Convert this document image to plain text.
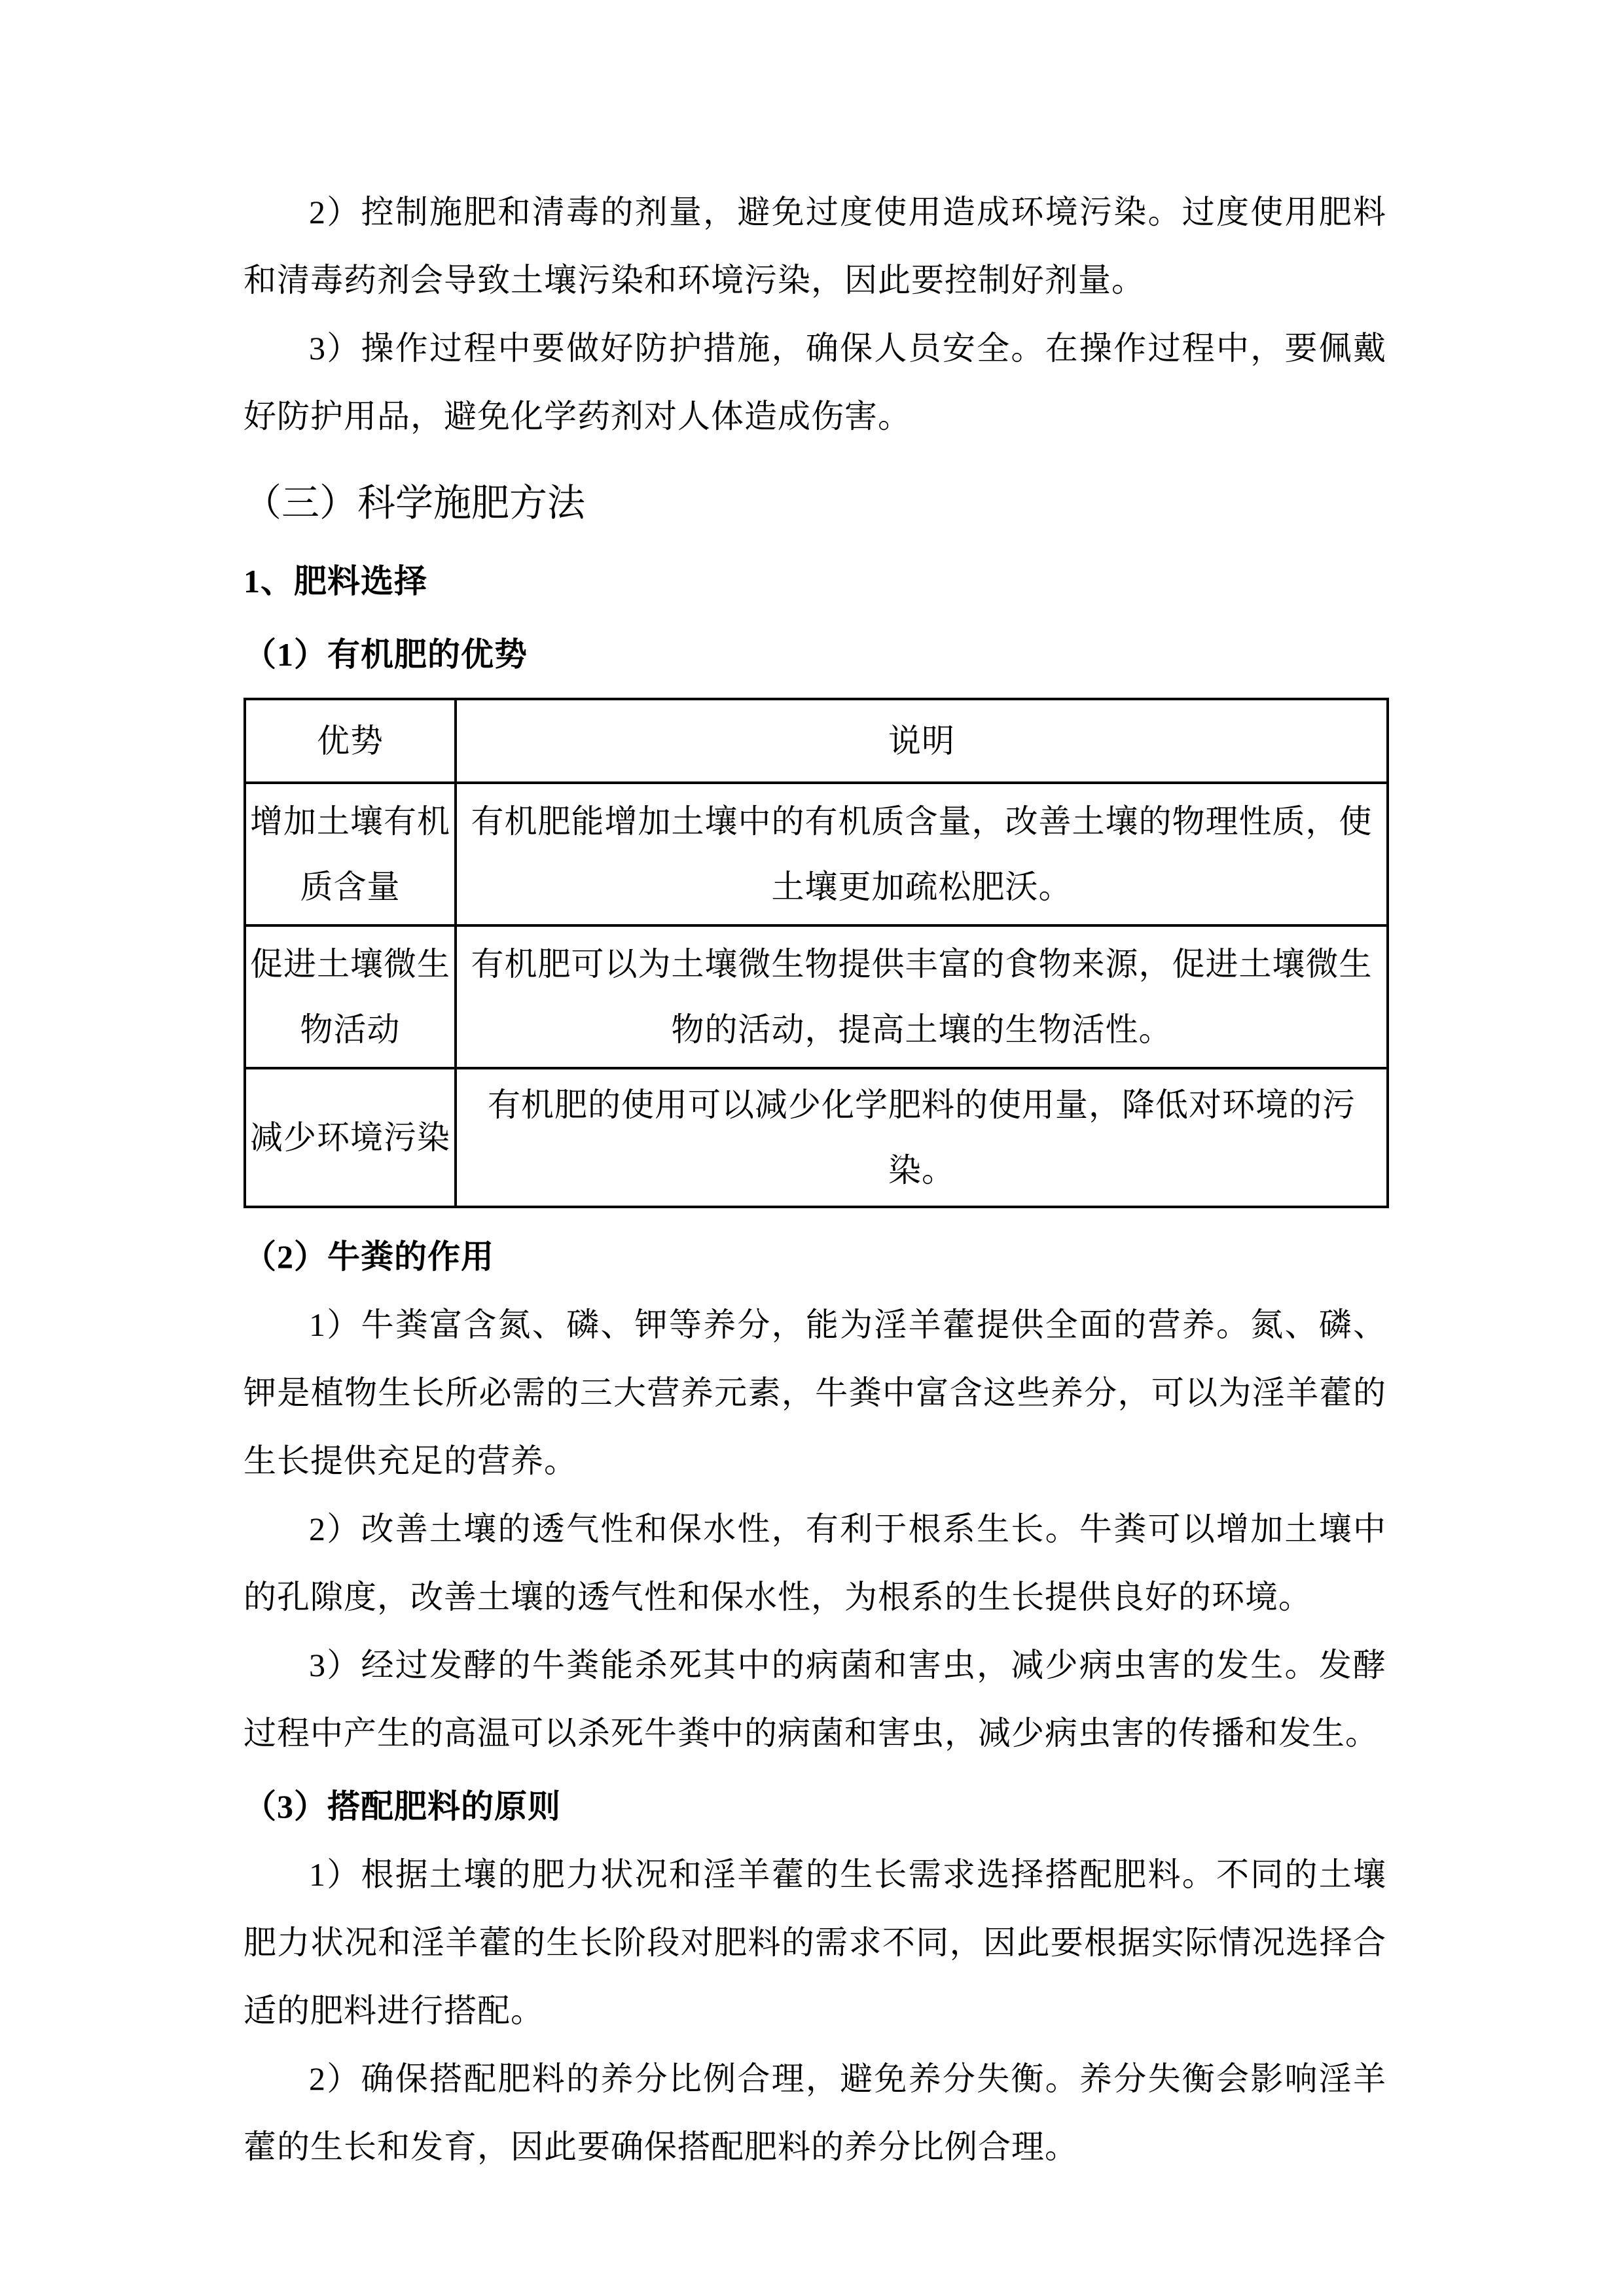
2）控制施肥和清毒的剂量，避免过度使用造成环境污染。过度使用肥料和清毒药剂会导致土壤污染和环境污染，因此要控制好剂量。

3）操作过程中要做好防护措施，确保人员安全。在操作过程中，要佩戴好防护用品，避免化学药剂对人体造成伤害。

（三）科学施肥方法
1、肥料选择
（1）有机肥的优势
优势	说明
增加土壤有机质含量	有机肥能增加土壤中的有机质含量，改善土壤的物理性质，使土壤更加疏松肥沃。
促进土壤微生物活动	有机肥可以为土壤微生物提供丰富的食物来源，促进土壤微生物的活动，提高土壤的生物活性。
减少环境污染	有机肥的使用可以减少化学肥料的使用量，降低对环境的污染。
（2）牛粪的作用

1）牛粪富含氮、磷、钾等养分，能为淫羊藿提供全面的营养。氮、磷、钾是植物生长所必需的三大营养元素，牛粪中富含这些养分，可以为淫羊藿的生长提供充足的营养。

2）改善土壤的透气性和保水性，有利于根系生长。牛粪可以增加土壤中的孔隙度，改善土壤的透气性和保水性，为根系的生长提供良好的环境。

3）经过发酵的牛粪能杀死其中的病菌和害虫，减少病虫害的发生。发酵过程中产生的高温可以杀死牛粪中的病菌和害虫，减少病虫害的传播和发生。

（3）搭配肥料的原则

1）根据土壤的肥力状况和淫羊藿的生长需求选择搭配肥料。不同的土壤肥力状况和淫羊藿的生长阶段对肥料的需求不同，因此要根据实际情况选择合适的肥料进行搭配。

2）确保搭配肥料的养分比例合理，避免养分失衡。养分失衡会影响淫羊藿的生长和发育，因此要确保搭配肥料的养分比例合理。
